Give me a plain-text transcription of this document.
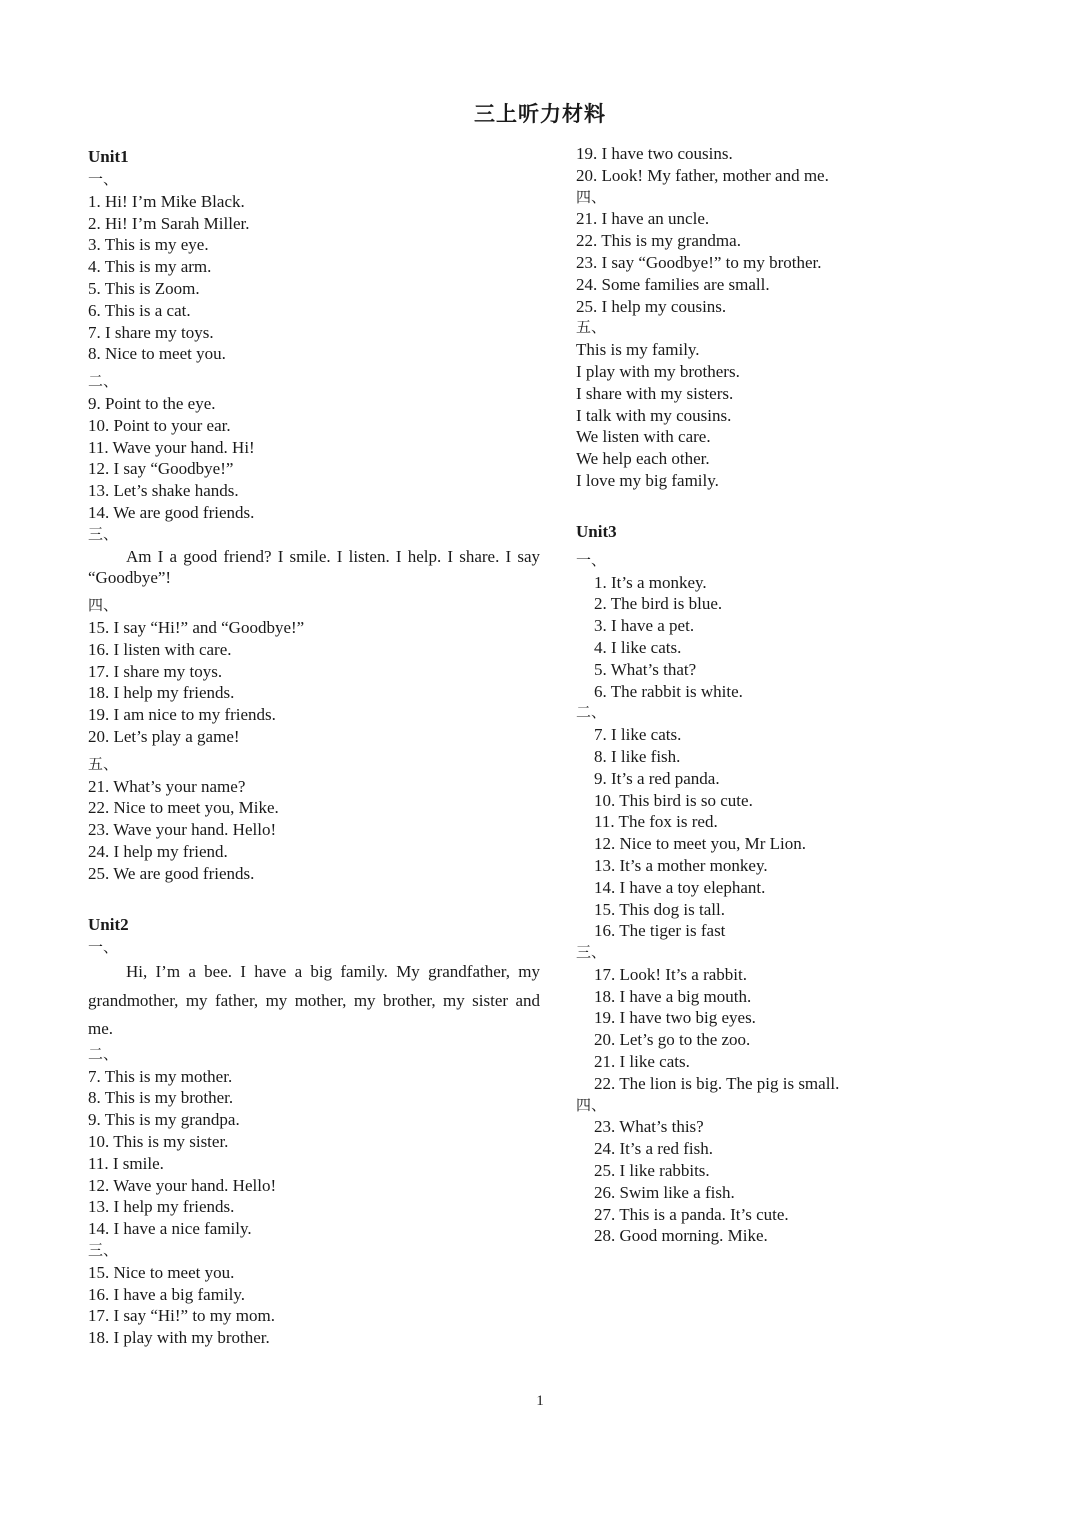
三上听力材料
Unit1
一、
1. Hi! I’m Mike Black.
2. Hi! I’m Sarah Miller.
3. This is my eye.
4. This is my arm.
5. This is Zoom.
6. This is a cat.
7. I share my toys.
8. Nice to meet you.
二、
9. Point to the eye.
10. Point to your ear.
11. Wave your hand. Hi!
12. I say “Goodbye!”
13. Let’s shake hands.
14. We are good friends.
三、
Am I a good friend? I smile. I listen. I help. I share. I say “Goodbye”!
四、
15. I say “Hi!” and “Goodbye!”
16. I listen with care.
17. I share my toys.
18. I help my friends.
19. I am nice to my friends.
20. Let’s play a game!
五、
21. What’s your name?
22. Nice to meet you, Mike.
23. Wave your hand. Hello!
24. I help my friend.
25. We are good friends.
Unit2
一、
Hi, I’m a bee. I have a big family. My grandfather, my grandmother, my father, my mother, my brother, my sister and me.
二、
7. This is my mother.
8. This is my brother.
9. This is my grandpa.
10. This is my sister.
11. I smile.
12. Wave your hand. Hello!
13. I help my friends.
14. I have a nice family.
三、
15. Nice to meet you.
16. I have a big family.
17. I say “Hi!” to my mom.
18. I play with my brother.
19. I have two cousins.
20. Look! My father, mother and me.
四、
21. I have an uncle.
22. This is my grandma.
23. I say “Goodbye!” to my brother.
24. Some families are small.
25. I help my cousins.
五、
This is my family.
I play with my brothers.
I share with my sisters.
I talk with my cousins.
We listen with care.
We help each other.
I love my big family.
Unit3
一、
1. It’s a monkey.
2. The bird is blue.
3. I have a pet.
4. I like cats.
5. What’s that?
6. The rabbit is white.
二、
7. I like cats.
8. I like fish.
9. It’s a red panda.
10. This bird is so cute.
11. The fox is red.
12. Nice to meet you, Mr Lion.
13. It’s a mother monkey.
14. I have a toy elephant.
15. This dog is tall.
16. The tiger is fast
三、
17. Look! It’s a rabbit.
18. I have a big mouth.
19. I have two big eyes.
20. Let’s go to the zoo.
21. I like cats.
22. The lion is big. The pig is small.
四、
23. What’s this?
24. It’s a red fish.
25. I like rabbits.
26. Swim like a fish.
27. This is a panda. It’s cute.
28. Good morning. Mike.
1
